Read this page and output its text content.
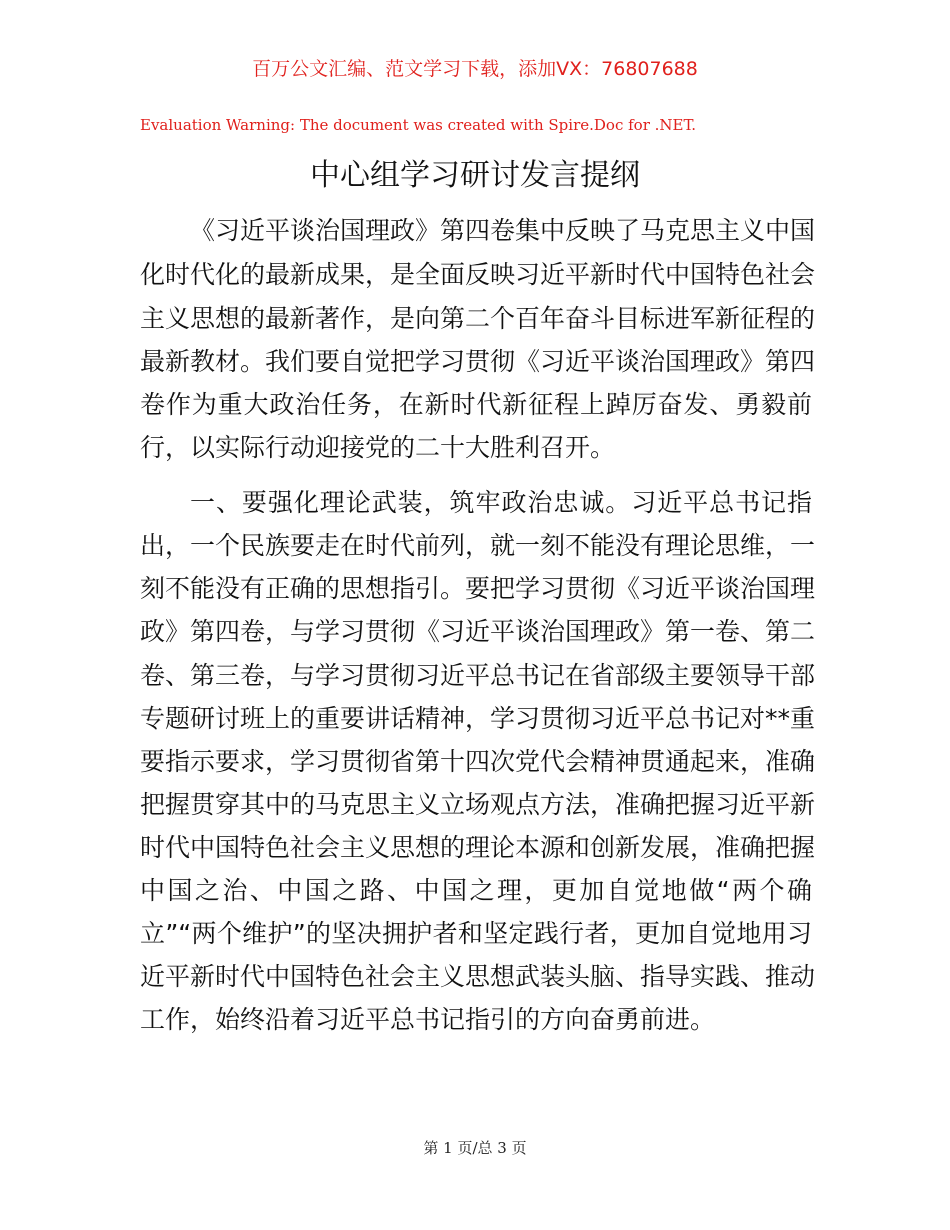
百万公文汇编、范文学习下载，添加VX：76807688
Evaluation Warning: The document was created with Spire.Doc for .NET.
中心组学习研讨发言提纲
《习近平谈治国理政》第四卷集中反映了马克思主义中国
化时代化的最新成果，是全面反映习近平新时代中国特色社会
主义思想的最新著作，是向第二个百年奋斗目标进军新征程的
最新教材。我们要自觉把学习贯彻《习近平谈治国理政》第四
卷作为重大政治任务，在新时代新征程上踔厉奋发、勇毅前
行，以实际行动迎接党的二十大胜利召开。
一、要强化理论武装，筑牢政治忠诚。习近平总书记指
出，一个民族要走在时代前列，就一刻不能没有理论思维，一
刻不能没有正确的思想指引。要把学习贯彻《习近平谈治国理
政》第四卷，与学习贯彻《习近平谈治国理政》第一卷、第二
卷、第三卷，与学习贯彻习近平总书记在省部级主要领导干部
专题研讨班上的重要讲话精神，学习贯彻习近平总书记对**重
要指示要求，学习贯彻省第十四次党代会精神贯通起来，准确
把握贯穿其中的马克思主义立场观点方法，准确把握习近平新
时代中国特色社会主义思想的理论本源和创新发展，准确把握
中国之治、中国之路、中国之理，更加自觉地做“两个确
立”“两个维护”的坚决拥护者和坚定践行者，更加自觉地用习
近平新时代中国特色社会主义思想武装头脑、指导实践、推动
工作，始终沿着习近平总书记指引的方向奋勇前进。
第 1 页/总 3 页
